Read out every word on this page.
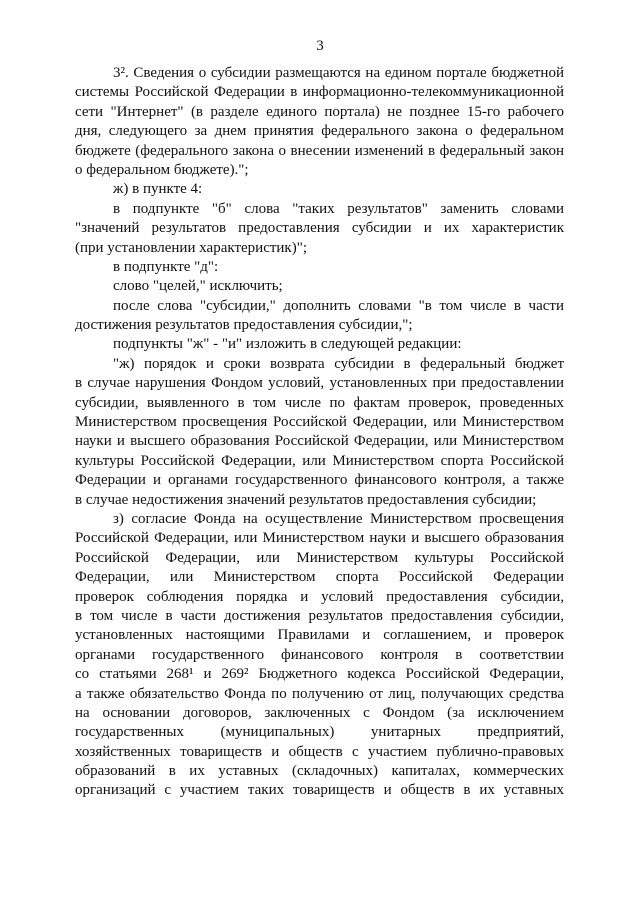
3
3². Сведения о субсидии размещаются на едином портале бюджетной
системы Российской Федерации в информационно-телекоммуникационной
сети "Интернет" (в разделе единого портала) не позднее 15-го рабочего
дня, следующего за днем принятия федерального закона о федеральном
бюджете (федерального закона о внесении изменений в федеральный закон
о федеральном бюджете).";
ж) в пункте 4:
в подпункте "б" слова "таких результатов" заменить словами
"значений результатов предоставления субсидии и их характеристик
(при установлении характеристик)";
в подпункте "д":
слово "целей," исключить;
после слова "субсидии," дополнить словами "в том числе в части
достижения результатов предоставления субсидии,";
подпункты "ж" - "и" изложить в следующей редакции:
"ж) порядок и сроки возврата субсидии в федеральный бюджет
в случае нарушения Фондом условий, установленных при предоставлении
субсидии, выявленного в том числе по фактам проверок, проведенных
Министерством просвещения Российской Федерации, или Министерством
науки и высшего образования Российской Федерации, или Министерством
культуры Российской Федерации, или Министерством спорта Российской
Федерации и органами государственного финансового контроля, а также
в случае недостижения значений результатов предоставления субсидии;
з) согласие Фонда на осуществление Министерством просвещения
Российской Федерации, или Министерством науки и высшего образования
Российской Федерации, или Министерством культуры Российской
Федерации, или Министерством спорта Российской Федерации
проверок соблюдения порядка и условий предоставления субсидии,
в том числе в части достижения результатов предоставления субсидии,
установленных настоящими Правилами и соглашением, и проверок
органами государственного финансового контроля в соответствии
со статьями 268¹ и 269² Бюджетного кодекса Российской Федерации,
а также обязательство Фонда по получению от лиц, получающих средства
на основании договоров, заключенных с Фондом (за исключением
государственных (муниципальных) унитарных предприятий,
хозяйственных товариществ и обществ с участием публично-правовых
образований в их уставных (складочных) капиталах, коммерческих
организаций с участием таких товариществ и обществ в их уставных
